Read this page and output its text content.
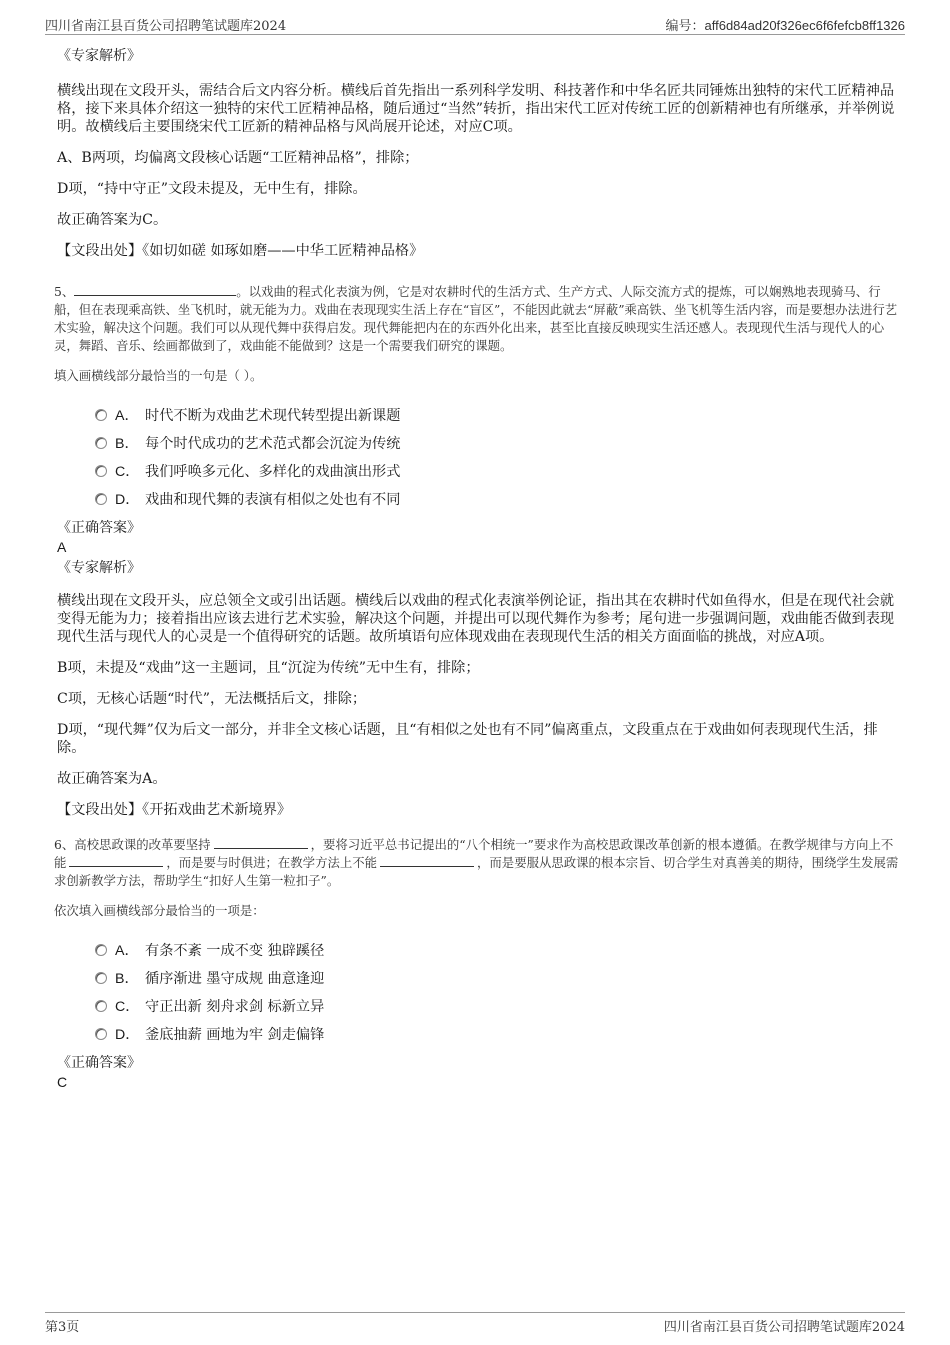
四川省南江县百货公司招聘笔试题库2024	编号：aff6d84ad20f326ec6f6fefcb8ff1326

《专家解析》

横线出现在文段开头，需结合后文内容分析。横线后首先指出一系列科学发明、科技著作和中华名匠共同锤炼出独特的宋代工匠精神品格，接下来具体介绍这一独特的宋代工匠精神品格，随后通过“当然”转折，指出宋代工匠对传统工匠的创新精神也有所继承，并举例说明。故横线后主要围绕宋代工匠新的精神品格与风尚展开论述，对应C项。

A、B两项，均偏离文段核心话题“工匠精神品格”，排除；

D项，“持中守正”文段未提及，无中生有，排除。

故正确答案为C。

【文段出处】《如切如磋 如琢如磨——中华工匠精神品格》

5、	。以戏曲的程式化表演为例，它是对农耕时代的生活方式、生产方式、人际交流方式的提炼，可以娴熟地表现骑马、行船，但在表现乘高铁、坐飞机时，就无能为力。戏曲在表现现实生活上存在“盲区”，不能因此就去“屏蔽”乘高铁、坐飞机等生活内容，而是要想办法进行艺术实验，解决这个问题。我们可以从现代舞中获得启发。现代舞能把内在的东西外化出来，甚至比直接反映现实生活还感人。表现现代生活与现代人的心灵，舞蹈、音乐、绘画都做到了，戏曲能不能做到？这是一个需要我们研究的课题。

填入画横线部分最恰当的一句是（ ）。

A． 时代不断为戏曲艺术现代转型提出新课题
B． 每个时代成功的艺术范式都会沉淀为传统
C． 我们呼唤多元化、多样化的戏曲演出形式
D． 戏曲和现代舞的表演有相似之处也有不同

《正确答案》

A

《专家解析》

横线出现在文段开头，应总领全文或引出话题。横线后以戏曲的程式化表演举例论证，指出其在农耕时代如鱼得水，但是在现代社会就变得无能为力；接着指出应该去进行艺术实验，解决这个问题，并提出可以现代舞作为参考；尾句进一步强调问题，戏曲能否做到表现现代生活与现代人的心灵是一个值得研究的话题。故所填语句应体现戏曲在表现现代生活的相关方面面临的挑战，对应A项。

B项，未提及“戏曲”这一主题词，且“沉淀为传统”无中生有，排除；

C项，无核心话题“时代”，无法概括后文，排除；

D项，“现代舞”仅为后文一部分，并非全文核心话题，且“有相似之处也有不同”偏离重点，文段重点在于戏曲如何表现现代生活，排除。

故正确答案为A。

【文段出处】《开拓戏曲艺术新境界》

6、高校思政课的改革要坚持	，要将习近平总书记提出的“八个相统一”要求作为高校思政课改革创新的根本遵循。在教学规律与方向上不能	，而是要与时俱进；在教学方法上不能	，而是要服从思政课的根本宗旨、切合学生对真善美的期待，围绕学生发展需求创新教学方法，帮助学生“扣好人生第一粒扣子”。

依次填入画横线部分最恰当的一项是：

A． 有条不紊 一成不变 独辟蹊径
B． 循序渐进 墨守成规 曲意逢迎
C． 守正出新 刻舟求剑 标新立异
D． 釜底抽薪 画地为牢 剑走偏锋

《正确答案》

C

第3页	四川省南江县百货公司招聘笔试题库2024
